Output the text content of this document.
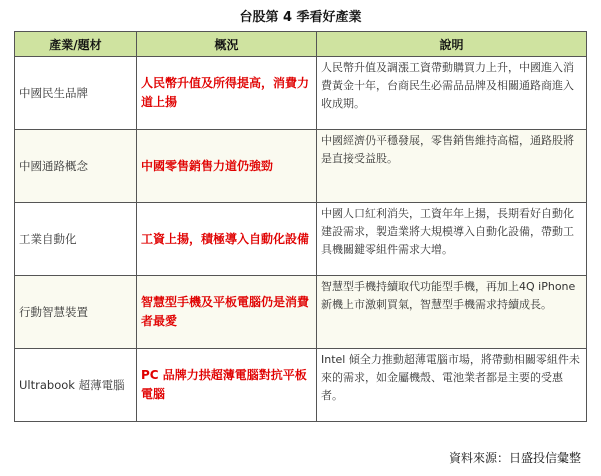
台股第 4 季看好產業
產業/題材	概況	說明
中國民生品牌	人民幣升值及所得提高，消費力道上揚	人民幣升值及調漲工資帶動購買力上升，中國進入消費黃金十年，台商民生必需品品牌及相關通路商進入收成期。
中國通路概念	中國零售銷售力道仍強勁	中國經濟仍平穩發展，零售銷售維持高檔，通路股將是直接受益股。
工業自動化	工資上揚，積極導入自動化設備	中國人口紅利消失，工資年年上揚，長期看好自動化建設需求，製造業將大規模導入自動化設備，帶動工具機關鍵零組件需求大增。
行動智慧裝置	智慧型手機及平板電腦仍是消費者最愛	智慧型手機持續取代功能型手機，再加上4Q iPhone 新機上市激刺買氣，智慧型手機需求持續成長。
Ultrabook 超薄電腦	PC 品牌力拱超薄電腦對抗平板電腦	Intel 傾全力推動超薄電腦市場，將帶動相關零組件未來的需求，如金屬機殼、電池業者都是主要的受惠者。
資料來源：日盛投信彙整
